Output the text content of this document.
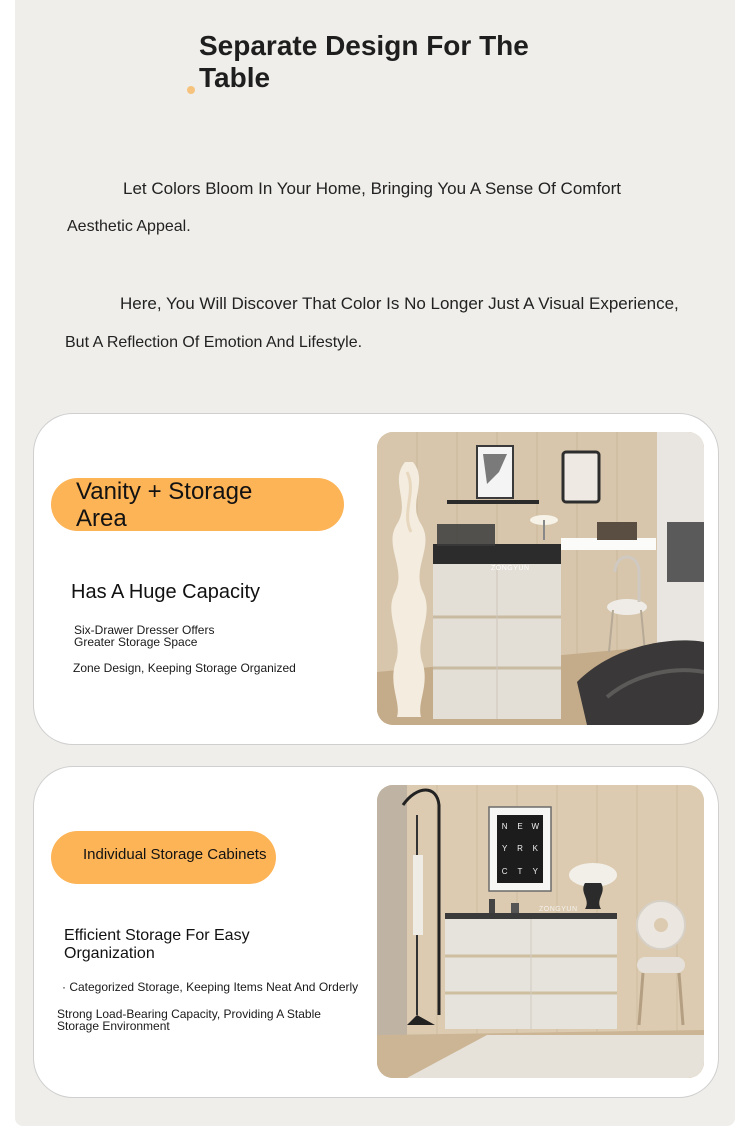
Separate Design For The
Table
Let Colors Bloom In Your Home, Bringing You A Sense Of Comfort
Aesthetic Appeal.
Here, You Will Discover That Color Is No Longer Just A Visual Experience,
But A Reflection Of Emotion And Lifestyle.
Vanity + Storage
Area
Has A Huge Capacity
Six-Drawer Dresser Offers
Greater Storage Space
Zone Design, Keeping Storage Organized
ZONGYUN
Individual Storage Cabinets
Efficient Storage For Easy
Organization
· Categorized Storage, Keeping Items Neat And Orderly
Strong Load-Bearing Capacity, Providing A Stable
Storage Environment
N E W
Y R K
C T Y
ZONGYUN
